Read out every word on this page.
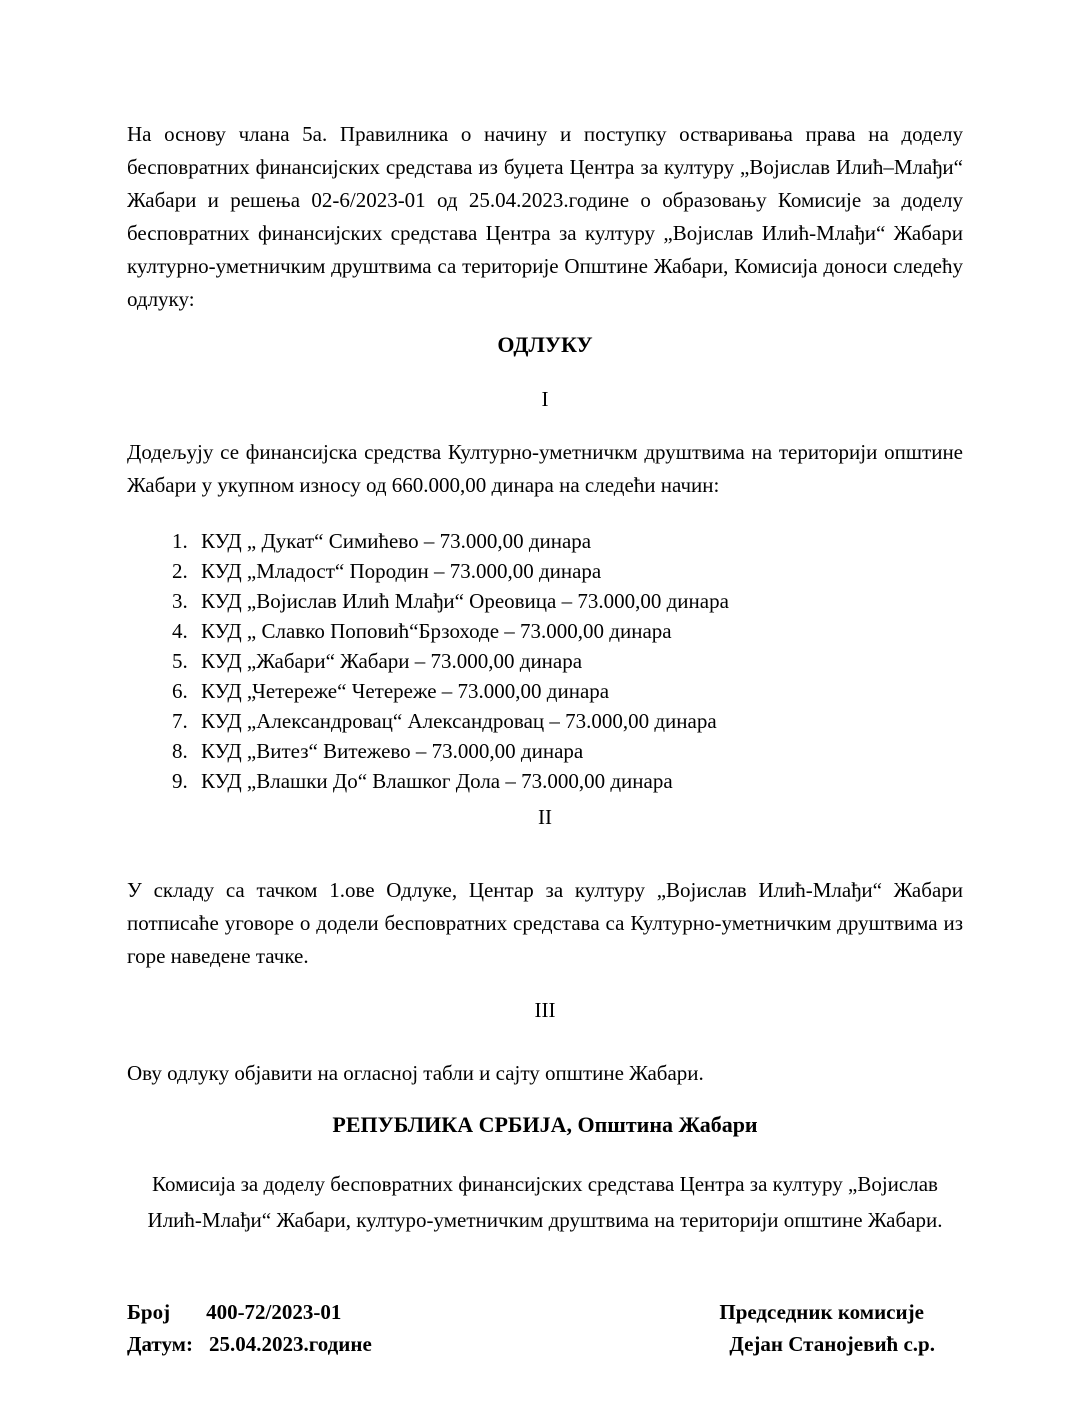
На основу члана 5а. Правилника о начину и поступку остваривања права на доделу бесповратних финансијских средстава из буџета Центра за културу „Војислав Илић–Млађи“ Жабари и решења 02-6/2023-01 од 25.04.2023.године о образовању Комисије за доделу бесповратних финансијских средстава Центра за културу „Војислав Илић-Млађи“ Жабари културно-уметничким друштвима са територије Општине Жабари, Комисија доноси следећу одлуку:

ОДЛУКУ
I

Додељују се финансијска средства Културно-уметничкм друштвима на територији општине Жабари у укупном износу од 660.000,00 динара на следећи начин:

1. КУД „ Дукат“ Симићево – 73.000,00 динара
2. КУД „Младост“ Породин – 73.000,00 динара
3. КУД „Војислав Илић Млађи“ Ореовица – 73.000,00 динара
4. КУД „ Славко Поповић“Брзоходе – 73.000,00 динара
5. КУД „Жабари“ Жабари – 73.000,00 динара
6. КУД „Четереже“ Четереже – 73.000,00 динара
7. КУД „Александровац“ Александровац – 73.000,00 динара
8. КУД „Витез“ Витежево – 73.000,00 динара
9. КУД „Влашки До“ Влашког Дола – 73.000,00 динара
II

У складу са тачком 1.ове Одлуке, Центар за културу „Војислав Илић-Млађи“ Жабари потписаће уговоре о додели бесповратних средстава са Културно-уметничким друштвима из горе наведене тачке.

III

Ову одлуку објавити на огласној табли и сајту општине Жабари.

РЕПУБЛИКА СРБИЈА, Општина Жабари

Комисија за доделу бесповратних финансијских средстава Центра за културу „Војислав Илић-Млађи“ Жабари, културо-уметничким друштвима на територији општине Жабари.

Број 400-72/2023-01
Датум: 25.04.2023.године
Председник комисије
Дејан Станојевић с.р.
